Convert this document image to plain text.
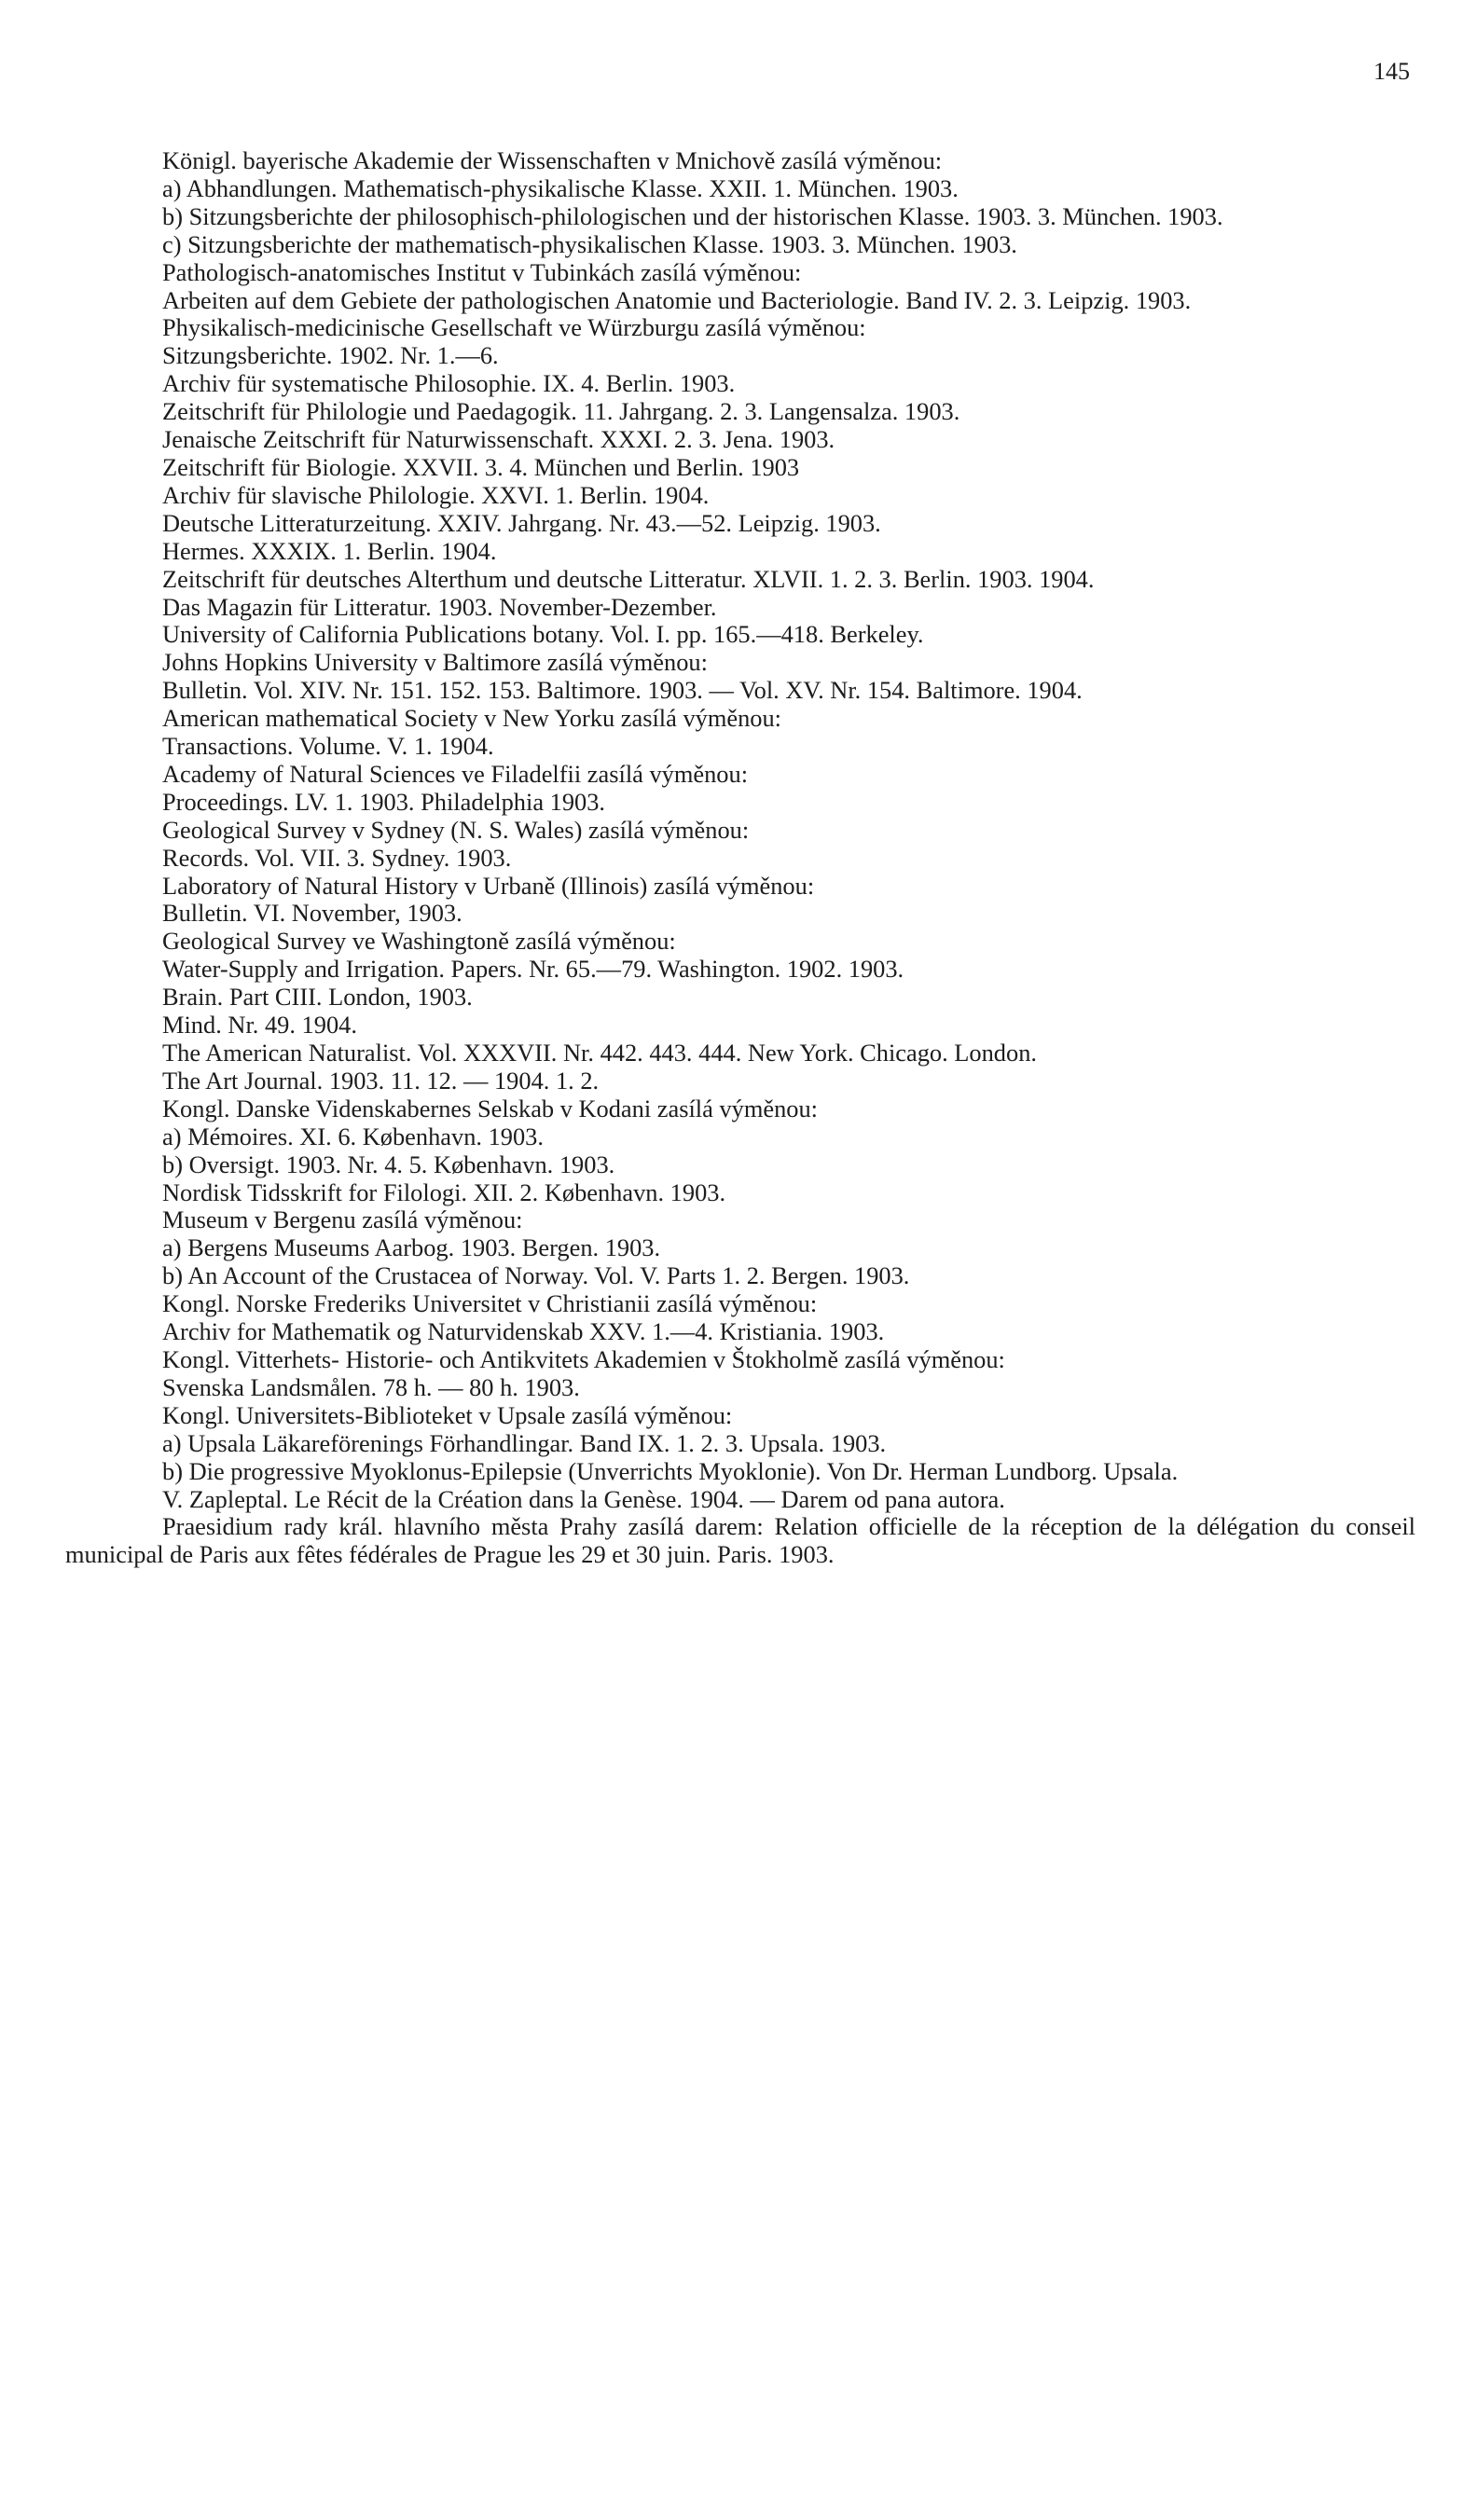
145

Königl. bayerische Akademie der Wissenschaften v Mnichově zasílá výměnou:

a) Abhandlungen. Mathematisch-physikalische Klasse. XXII. 1. München. 1903.

b) Sitzungsberichte der philosophisch-philologischen und der historischen Klasse. 1903. 3. München. 1903.

c) Sitzungsberichte der mathematisch-physikalischen Klasse. 1903. 3. München. 1903.

Pathologisch-anatomisches Institut v Tubinkách zasílá výměnou:

Arbeiten auf dem Gebiete der pathologischen Anatomie und Bacteriologie. Band IV. 2. 3. Leipzig. 1903.

Physikalisch-medicinische Gesellschaft ve Würzburgu zasílá výměnou:

Sitzungsberichte. 1902. Nr. 1.—6.

Archiv für systematische Philosophie. IX. 4. Berlin. 1903.

Zeitschrift für Philologie und Paedagogik. 11. Jahrgang. 2. 3. Langensalza. 1903.

Jenaische Zeitschrift für Naturwissenschaft. XXXI. 2. 3. Jena. 1903.

Zeitschrift für Biologie. XXVII. 3. 4. München und Berlin. 1903

Archiv für slavische Philologie. XXVI. 1. Berlin. 1904.

Deutsche Litteraturzeitung. XXIV. Jahrgang. Nr. 43.—52. Leipzig. 1903.

Hermes. XXXIX. 1. Berlin. 1904.

Zeitschrift für deutsches Alterthum und deutsche Litteratur. XLVII. 1. 2. 3. Berlin. 1903. 1904.

Das Magazin für Litteratur. 1903. November-Dezember.

University of California Publications botany. Vol. I. pp. 165.—418. Berkeley.

Johns Hopkins University v Baltimore zasílá výměnou:

Bulletin. Vol. XIV. Nr. 151. 152. 153. Baltimore. 1903. — Vol. XV. Nr. 154. Baltimore. 1904.

American mathematical Society v New Yorku zasílá výměnou:

Transactions. Volume. V. 1. 1904.

Academy of Natural Sciences ve Filadelfii zasílá výměnou:

Proceedings. LV. 1. 1903. Philadelphia 1903.

Geological Survey v Sydney (N. S. Wales) zasílá výměnou:

Records. Vol. VII. 3. Sydney. 1903.

Laboratory of Natural History v Urbaně (Illinois) zasílá výměnou:

Bulletin. VI. November, 1903.

Geological Survey ve Washingtoně zasílá výměnou:

Water-Supply and Irrigation. Papers. Nr. 65.—79. Washington. 1902. 1903.

Brain. Part CIII. London, 1903.

Mind. Nr. 49. 1904.

The American Naturalist. Vol. XXXVII. Nr. 442. 443. 444. New York. Chicago. London.

The Art Journal. 1903. 11. 12. — 1904. 1. 2.

Kongl. Danske Videnskabernes Selskab v Kodani zasílá výměnou:

a) Mémoires. XI. 6. København. 1903.

b) Oversigt. 1903. Nr. 4. 5. København. 1903.

Nordisk Tidsskrift for Filologi. XII. 2. København. 1903.

Museum v Bergenu zasílá výměnou:

a) Bergens Museums Aarbog. 1903. Bergen. 1903.

b) An Account of the Crustacea of Norway. Vol. V. Parts 1. 2. Bergen. 1903.

Kongl. Norske Frederiks Universitet v Christianii zasílá výměnou:

Archiv for Mathematik og Naturvidenskab XXV. 1.—4. Kristiania. 1903.

Kongl. Vitterhets- Historie- och Antikvitets Akademien v Štokholmě zasílá výměnou:

Svenska Landsmålen. 78 h. — 80 h. 1903.

Kongl. Universitets-Biblioteket v Upsale zasílá výměnou:

a) Upsala Läkareförenings Förhandlingar. Band IX. 1. 2. 3. Upsala. 1903.

b) Die progressive Myoklonus-Epilepsie (Unverrichts Myoklonie). Von Dr. Herman Lundborg. Upsala.

V. Zapleptal. Le Récit de la Création dans la Genèse. 1904. — Darem od pana autora.

Praesidium rady král. hlavního města Prahy zasílá darem: Relation officielle de la réception de la délégation du conseil municipal de Paris aux fêtes fédérales de Prague les 29 et 30 juin. Paris. 1903.
